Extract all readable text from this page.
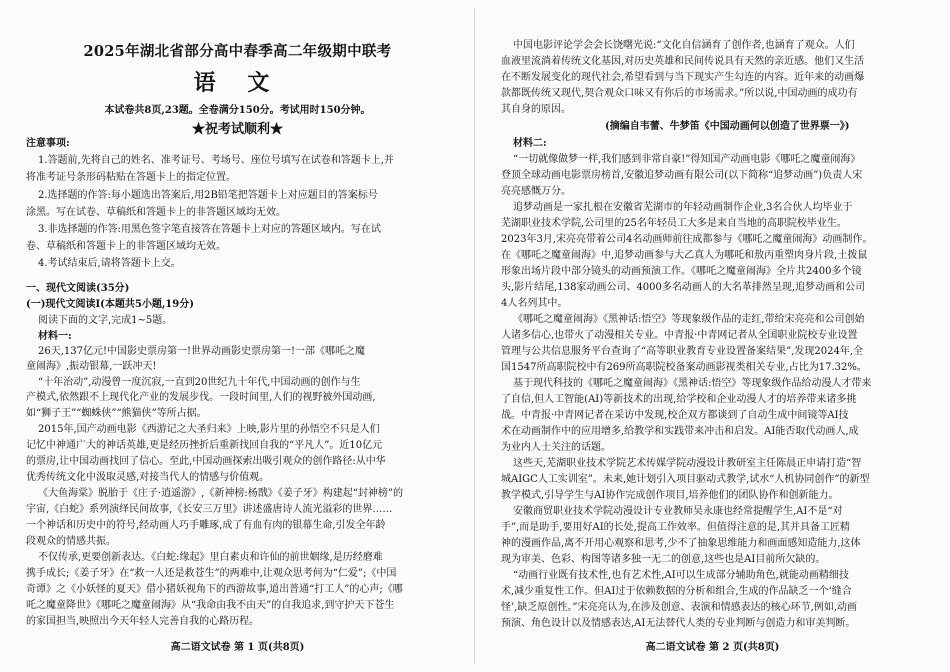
2025年湖北省部分高中春季高二年级期中联考
语 文
本试卷共8页,23题。全卷满分150分。考试用时150分钟。
★祝考试顺利★
注意事项:
1.答题前,先将自己的姓名、准考证号、考场号、座位号填写在试卷和答题卡上,并
将准考证号条形码粘贴在答题卡上的指定位置。
2.选择题的作答:每小题选出答案后,用2B铅笔把答题卡上对应题目的答案标号
涂黑。写在试卷、草稿纸和答题卡上的非答题区域均无效。
3.非选择题的作答:用黑色签字笔直接答在答题卡上对应的答题区域内。写在试
卷、草稿纸和答题卡上的非答题区域均无效。
4.考试结束后,请将答题卡上交。
一、现代文阅读(35分)
(一)现代文阅读Ⅰ(本题共5小题,19分)
阅读下面的文字,完成1~5题。
材料一:
26天,137亿元!中国影史票房第一!世界动画影史票房第一!一部《哪吒之魔
童闹海》,振动银幕,一跃冲天!
“十年治动”,动漫曾一度沉寂,一直到20世纪九十年代,中国动画的创作与生
产模式,依然跟不上现代化产业的发展步伐。一段时间里,人们的视野被外国动画,
如“狮子王”“蜘蛛侠”“熊猫侠”等所占据。
2015年,国产动画电影《西游记之大圣归来》上映,影片里的孙悟空不只是人们
记忆中神通广大的神话英雄,更是经历挫折后重新找回自我的“平凡人”。近10亿元
的票房,让中国动画找回了信心。至此,中国动画探索出吸引观众的创作路径:从中华
优秀传统文化中汲取灵感,对接当代人的情感与价值观。
《大鱼海棠》脱胎于《庄子·逍遥游》,《新神榜:杨戬》《姜子牙》构建起“封神榜”的
宇宙,《白蛇》系列演绎民间故事,《长安三万里》讲述盛唐诗人流光溢彩的世界……
一个神话和历史中的符号,经动画人巧手雕琢,成了有血有肉的银幕生命,引发全年龄
段观众的情感共振。
不仅传承,更要创新表达。《白蛇:缘起》里白素贞和许仙的前世姻缘,是历经磨难
携手成长;《姜子牙》在“救一人还是救苍生”的两难中,让观众思考何为“仁爱”;《中国
奇谭》之《小妖怪的夏天》借小猪妖视角下的西游故事,道出普通“打工人”的心声;《哪
吒之魔童降世》《哪吒之魔童闹海》从“我命由我不由天”的自我追求,到守护天下苍生
的家国担当,映照出今天年轻人完善自我的心路历程。
高二语文试卷 第 1 页(共8页)
中国电影评论学会会长饶曙光说:“文化自信涵育了创作者,也涵育了观众。人们
血液里流淌着传统文化基因,对历史英雄和民间传说具有天然的亲近感。他们又生活
在不断发展变化的现代社会,希望看到与当下现实产生勾连的内容。近年来的动画爆
款都既传统又现代,契合观众口味又有你后的市场需求。”所以说,中国动画的成功有
其自身的原因。
(摘编自韦蕾、牛梦笛《中国动画何以创造了世界票一》)
材料二:
“一切就像做梦一样,我们感到非常自豪!”得知国产动画电影《哪吒之魔童闹海》
登顶全球动画电影票房榜首,安徽追梦动画有限公司(以下简称“追梦动画”)负责人宋
亮亮感慨万分。
追梦动画是一家扎根在安徽省芜湖市的年轻动画制作企业,3名合伙人均毕业于
芜湖职业技术学院,公司里的25名年轻员工大多是来自当地的高职院校毕业生。
2023年3月,宋亮亮带着公司4名动画师前往成都参与《哪吒之魔童闹海》动画制作。
在《哪吒之魔童闹海》中,追梦动画参与大乙真人为哪吒和敖丙重塑肉身片段,土拨鼠
形象出场片段中部分镜头的动画预演工作。《哪吒之魔童闹海》全片共2400多个镜
头,影片结尾,138家动画公司、4000多名动画人的大名革排然呈现,追梦动画和公司
4人名列其中。
《哪吒之魔童闹海》《黑神话:悟空》等现象级作品的走红,带给宋亮亮和公司创始
人诸多信心,也带火了动漫相关专业。中青报·中青网记者从全国职业院校专业设置
管理与公共信息服务平台查询了“高等职业教育专业设置备案结果”,发现2024年,全
国1547所高职院校中有269所高职院校备案动画影视类相关专业,占比为17.32%。
基于现代科技的《哪吒之魔童闹海》《黑神话:悟空》等现象级作品给动漫人才带来
了自信,但人工智能(AI)等新技术的出现,给学校和企业动漫人才的培养带来诸多挑
战。中青报·中青网记者在采访中发现,校企双方都谈到了自动生成中间镜等AI技
术在动画制作中的应用增多,给教学和实践带来冲击和启发。AI能否取代动画人,成
为业内人士关注的话题。
这些天,芜湖职业技术学院艺术传媒学院动漫设计教研室主任陈晨正申请打造“智
城AIGC人工实训室”。未来,她计划引入项目驱动式教学,试水“人机协同创作”的新型
教学模式,引导学生与AI协作完成创作项目,培养他们的团队协作和创新能力。
安徽商贸职业技术学院动漫设计专业教师吴永康也经常提醒学生,AI不是“对
手”,而是助手,要用好AI的长处,提高工作效率。但值得注意的是,其并具备工匠精
神的漫画作品,离不开用心观察和思考,少不了抽象思维能力和画面感知造能力,这体
现为审美、色彩、构图等诸多独一无二的创意,这些也是AI目前所欠缺的。
“动画行业既有技术性,也有艺术性,AI可以生成部分辅助角色,就能动画精细技
术,减少重复性工作。但AI过于依赖数据的分析和组合,生成的作品缺乏一个‘缝合
怪’,缺乏原创性。”宋亮亮认为,在涉及创意、表演和情感表达的核心环节,例如,动画
预演、角色设计以及情感表达,AI无法替代人类的专业判断与创造力和审美判断。
高二语文试卷 第 2 页(共8页)
